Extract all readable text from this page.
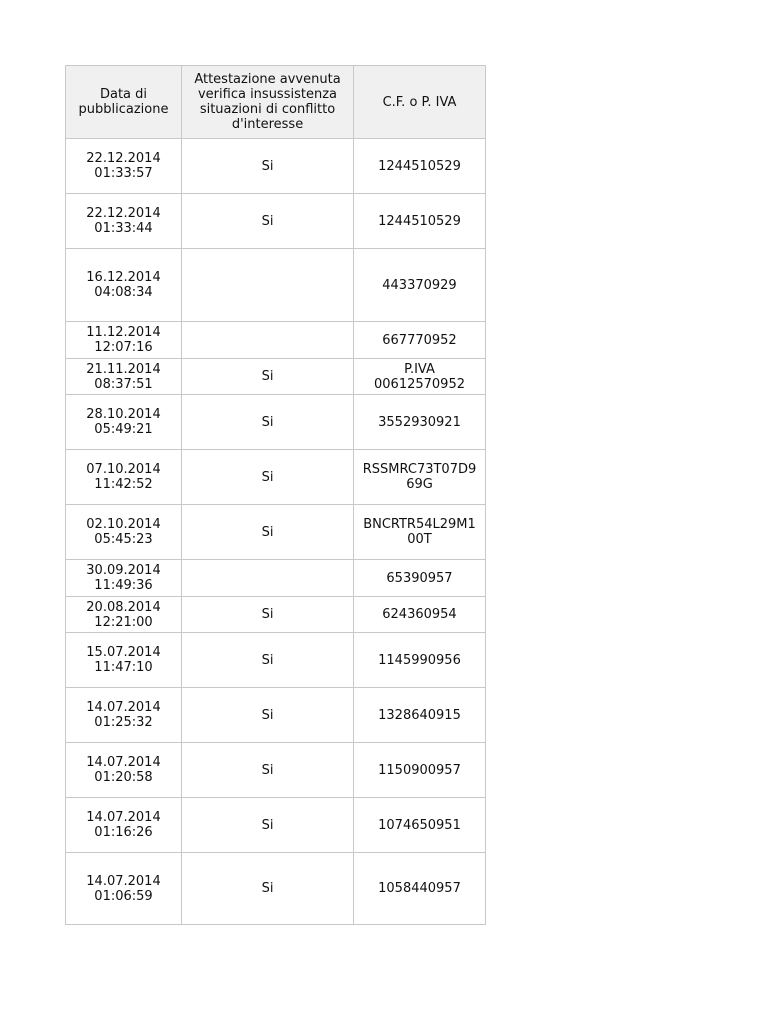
Data di
pubblicazione	Attestazione avvenuta
verifica insussistenza
situazioni di conflitto
d'interesse	C.F. o P. IVA

22.12.2014
01:33:57	Si	1244510529

22.12.2014
01:33:44	Si	1244510529

16.12.2014
04:08:34		443370929

11.12.2014
12:07:16		667770952

21.11.2014
08:37:51	Si	P.IVA
00612570952

28.10.2014
05:49:21	Si	3552930921

07.10.2014
11:42:52	Si	RSSMRC73T07D9
69G

02.10.2014
05:45:23	Si	BNCRTR54L29M1
00T

30.09.2014
11:49:36		65390957

20.08.2014
12:21:00	Si	624360954

15.07.2014
11:47:10	Si	1145990956

14.07.2014
01:25:32	Si	1328640915

14.07.2014
01:20:58	Si	1150900957

14.07.2014
01:16:26	Si	1074650951

14.07.2014
01:06:59	Si	1058440957
